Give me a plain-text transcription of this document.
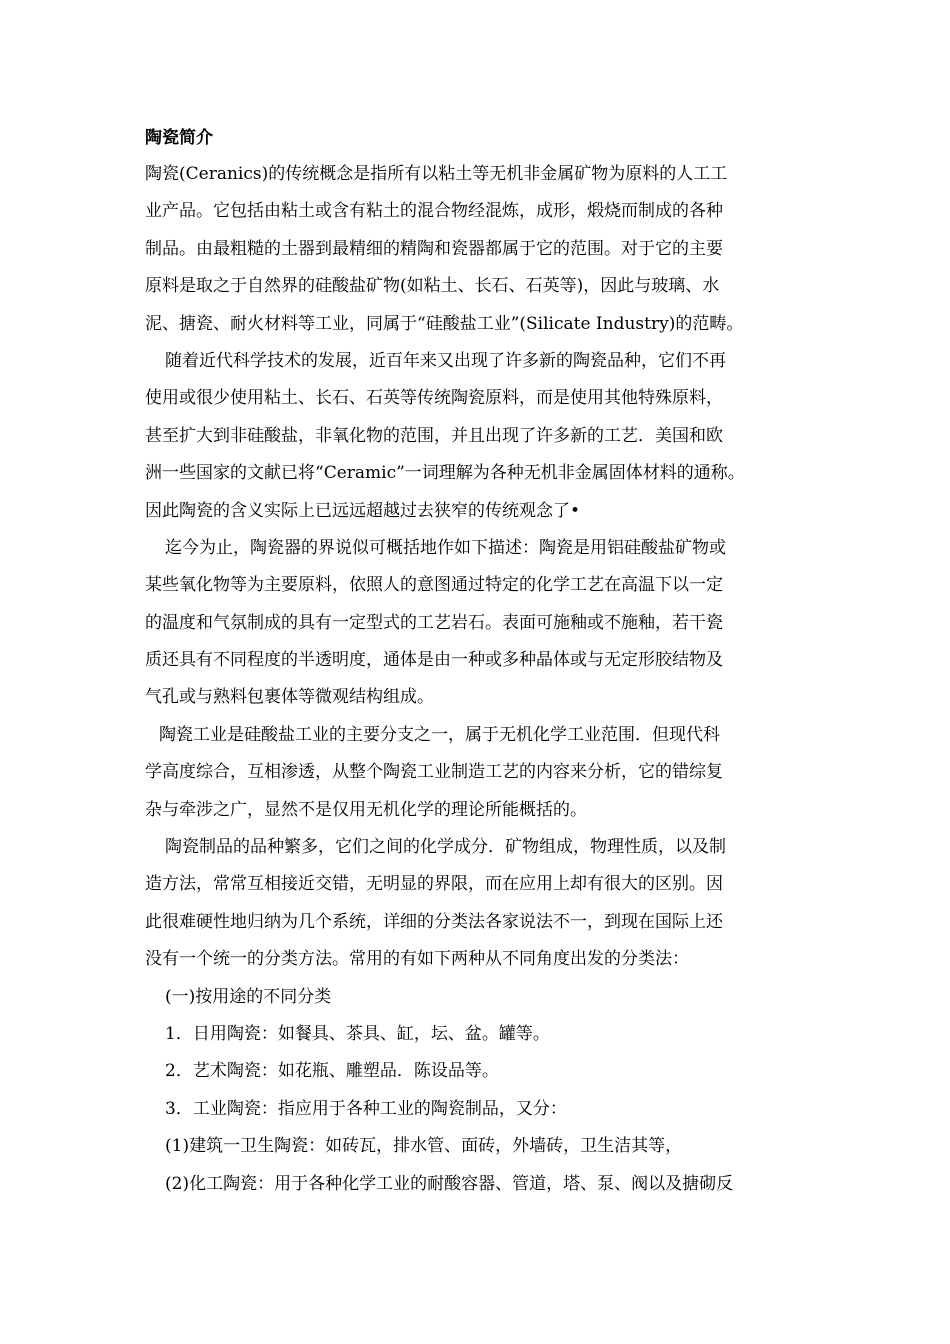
陶瓷简介
陶瓷(Ceranics)的传统概念是指所有以粘土等无机非金属矿物为原料的人工工
业产品。它包括由粘土或含有粘土的混合物经混炼，成形，煅烧而制成的各种
制品。由最粗糙的土器到最精细的精陶和瓷器都属于它的范围。对于它的主要
原料是取之于自然界的硅酸盐矿物(如粘土、长石、石英等)，因此与玻璃、水
泥、搪瓷、耐火材料等工业，同属于“硅酸盐工业”(Silicate Industry)的范畴。
随着近代科学技术的发展，近百年来又出现了许多新的陶瓷品种，它们不再
使用或很少使用粘土、长石、石英等传统陶瓷原料，而是使用其他特殊原料，
甚至扩大到非硅酸盐，非氧化物的范围，并且出现了许多新的工艺．美国和欧
洲一些国家的文献已将“Ceramic”一词理解为各种无机非金属固体材料的通称。
因此陶瓷的含义实际上已远远超越过去狭窄的传统观念了•
迄今为止，陶瓷器的界说似可概括地作如下描述：陶瓷是用铝硅酸盐矿物或
某些氧化物等为主要原料，依照人的意图通过特定的化学工艺在高温下以一定
的温度和气氛制成的具有一定型式的工艺岩石。表面可施釉或不施釉，若干瓷
质还具有不同程度的半透明度，通体是由一种或多种晶体或与无定形胶结物及
气孔或与熟料包裹体等微观结构组成。
陶瓷工业是硅酸盐工业的主要分支之一，属于无机化学工业范围．但现代科
学高度综合，互相渗透，从整个陶瓷工业制造工艺的内容来分析，它的错综复
杂与牵涉之广，显然不是仅用无机化学的理论所能概括的。
陶瓷制品的品种繁多，它们之间的化学成分．矿物组成，物理性质，以及制
造方法，常常互相接近交错，无明显的界限，而在应用上却有很大的区别。因
此很难硬性地归纳为几个系统，详细的分类法各家说法不一，到现在国际上还
没有一个统一的分类方法。常用的有如下两种从不同角度出发的分类法：
(一)按用途的不同分类
1．日用陶瓷：如餐具、茶具、缸，坛、盆。罐等。
2．艺术陶瓷：如花瓶、雕塑品．陈设品等。
3．工业陶瓷：指应用于各种工业的陶瓷制品，又分：
(1)建筑一卫生陶瓷：如砖瓦，排水管、面砖，外墙砖，卫生洁其等，
(2)化工陶瓷：用于各种化学工业的耐酸容器、管道，塔、泵、阀以及搪砌反
